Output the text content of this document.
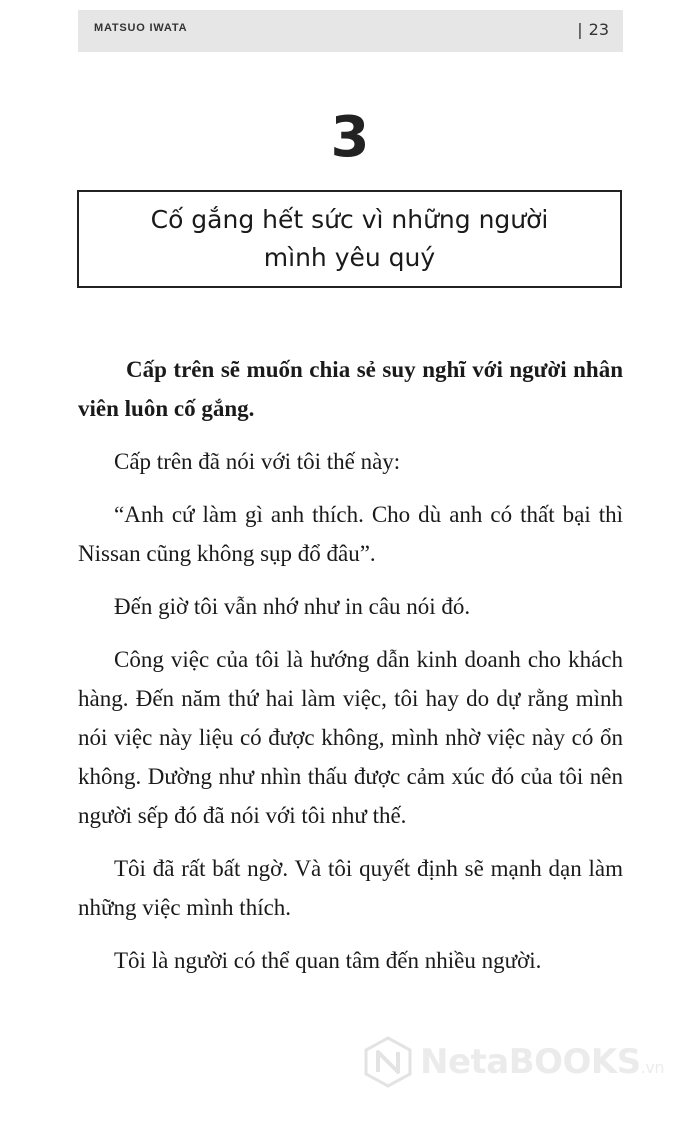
MATSUO IWATA	| 23
3
Cố gắng hết sức vì những người mình yêu quý

Cấp trên sẽ muốn chia sẻ suy nghĩ với người nhân viên luôn cố gắng.

Cấp trên đã nói với tôi thế này:

“Anh cứ làm gì anh thích. Cho dù anh có thất bại thì Nissan cũng không sụp đổ đâu”.

Đến giờ tôi vẫn nhớ như in câu nói đó.

Công việc của tôi là hướng dẫn kinh doanh cho khách hàng. Đến năm thứ hai làm việc, tôi hay do dự rằng mình nói việc này liệu có được không, mình nhờ việc này có ổn không. Dường như nhìn thấu được cảm xúc đó của tôi nên người sếp đó đã nói với tôi như thế.

Tôi đã rất bất ngờ. Và tôi quyết định sẽ mạnh dạn làm những việc mình thích.

Tôi là người có thể quan tâm đến nhiều người.

NetaBOOKS.vn
